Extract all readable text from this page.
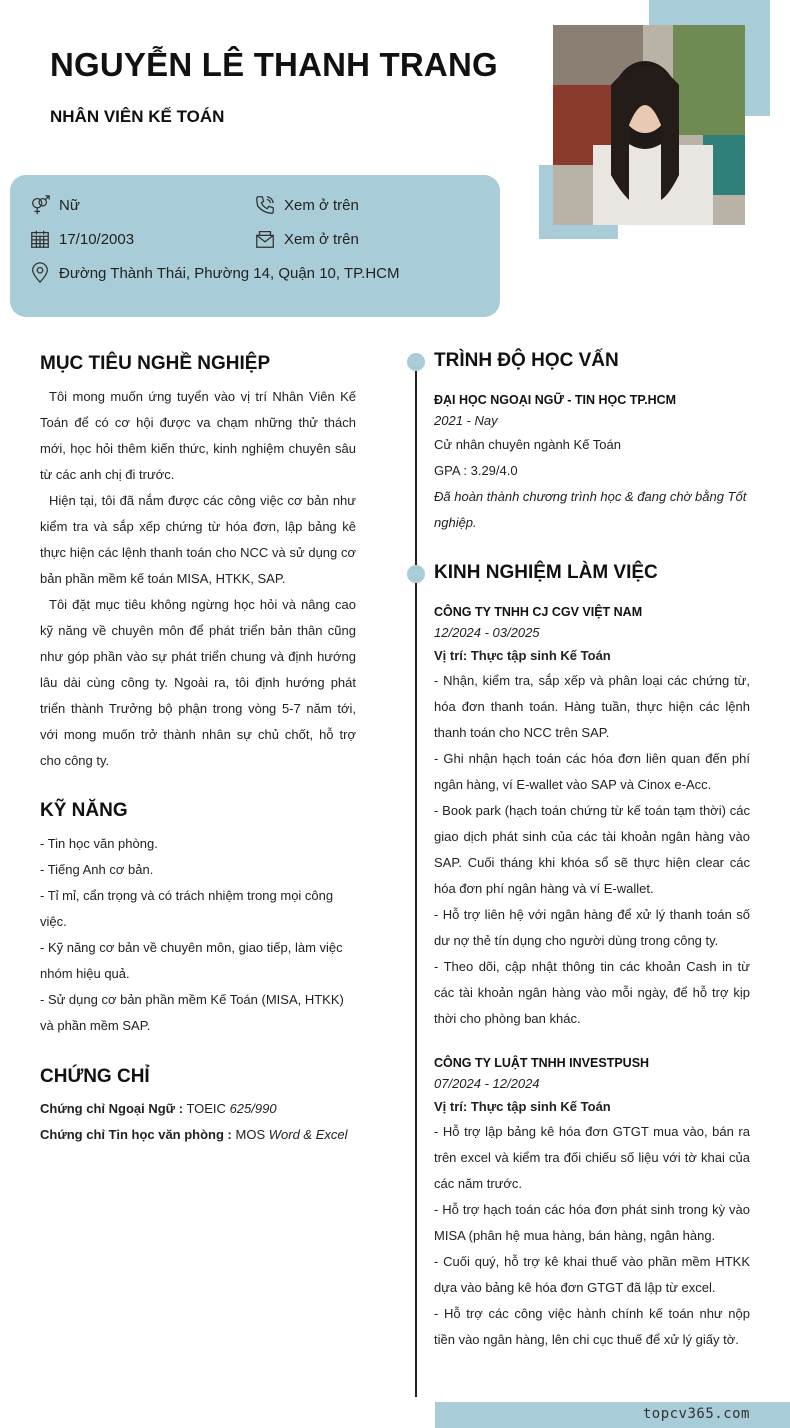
NGUYỄN LÊ THANH TRANG
NHÂN VIÊN KẾ TOÁN
Nữ	Xem ở trên
17/10/2003	Xem ở trên
Đường Thành Thái, Phường 14, Quận 10, TP.HCM
MỤC TIÊU NGHỀ NGHIỆP

Tôi mong muốn ứng tuyển vào vị trí Nhân Viên Kế Toán để có cơ hội được va chạm những thử thách mới, học hỏi thêm kiến thức, kinh nghiệm chuyên sâu từ các anh chị đi trước.

Hiện tại, tôi đã nắm được các công việc cơ bản như kiểm tra và sắp xếp chứng từ hóa đơn, lập bảng kê thực hiện các lệnh thanh toán cho NCC và sử dụng cơ bản phần mềm kế toán MISA, HTKK, SAP.

Tôi đặt mục tiêu không ngừng học hỏi và nâng cao kỹ năng về chuyên môn để phát triển bản thân cũng như góp phần vào sự phát triển chung và định hướng lâu dài cùng công ty. Ngoài ra, tôi định hướng phát triển thành Trưởng bộ phận trong vòng 5-7 năm tới, với mong muốn trở thành nhân sự chủ chốt, hỗ trợ cho công ty.

KỸ NĂNG
- Tin học văn phòng.
- Tiếng Anh cơ bản.
- Tỉ mỉ, cẩn trọng và có trách nhiệm trong mọi công việc.
- Kỹ năng cơ bản về chuyên môn, giao tiếp, làm việc nhóm hiệu quả.
- Sử dụng cơ bản phần mềm Kế Toán (MISA, HTKK) và phần mềm SAP.
CHỨNG CHỈ
Chứng chỉ Ngoại Ngữ : TOEIC 625/990
Chứng chỉ Tin học văn phòng : MOS Word & Excel
TRÌNH ĐỘ HỌC VẤN
ĐẠI HỌC NGOẠI NGỮ - TIN HỌC TP.HCM
2021 - Nay
Cử nhân chuyên ngành Kế Toán
GPA : 3.29/4.0
Đã hoàn thành chương trình học & đang chờ bằng Tốt nghiệp.
KINH NGHIỆM LÀM VIỆC
CÔNG TY TNHH CJ CGV VIỆT NAM
12/2024 - 03/2025
Vị trí: Thực tập sinh Kế Toán
- Nhận, kiểm tra, sắp xếp và phân loại các chứng từ, hóa đơn thanh toán. Hàng tuần, thực hiện các lệnh thanh toán cho NCC trên SAP.
- Ghi nhận hạch toán các hóa đơn liên quan đến phí ngân hàng, ví E-wallet vào SAP và Cinox e-Acc.
- Book park (hạch toán chứng từ kế toán tạm thời) các giao dịch phát sinh của các tài khoản ngân hàng vào SAP. Cuối tháng khi khóa sổ sẽ thực hiện clear các hóa đơn phí ngân hàng và ví E-wallet.
- Hỗ trợ liên hệ với ngân hàng để xử lý thanh toán số dư nợ thẻ tín dụng cho người dùng trong công ty.
- Theo dõi, cập nhật thông tin các khoản Cash in từ các tài khoản ngân hàng vào mỗi ngày, để hỗ trợ kịp thời cho phòng ban khác.
CÔNG TY LUẬT TNHH INVESTPUSH
07/2024 - 12/2024
Vị trí: Thực tập sinh Kế Toán
- Hỗ trợ lập bảng kê hóa đơn GTGT mua vào, bán ra trên excel và kiểm tra đối chiếu số liệu với tờ khai của các năm trước.
- Hỗ trợ hạch toán các hóa đơn phát sinh trong kỳ vào MISA (phân hệ mua hàng, bán hàng, ngân hàng.
- Cuối quý, hỗ trợ kê khai thuế vào phần mềm HTKK dựa vào bảng kê hóa đơn GTGT đã lập từ excel.
- Hỗ trợ các công việc hành chính kế toán như nộp tiền vào ngân hàng, lên chi cục thuế để xử lý giấy tờ.
topcv365.com
